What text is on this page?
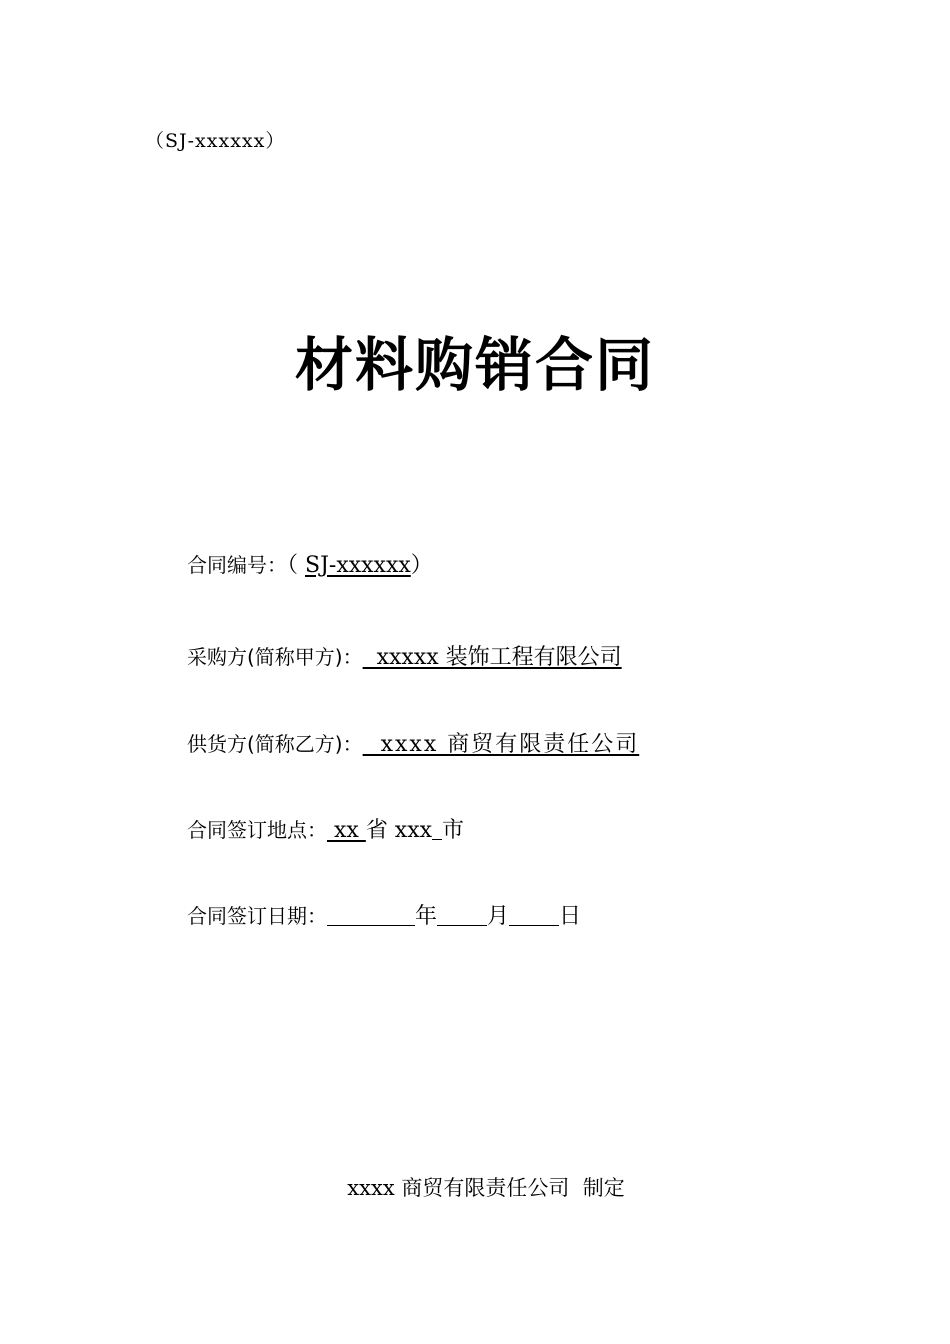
（SJ-xxxxxx）
材料购销合同
合同编号：（ SJ-xxxxxx）
采购方(简称甲方)：  xxxxx 装饰工程有限公司
供货方(简称乙方)：  xxxx 商贸有限责任公司
合同签订地点： xx 省 xxx 市
合同签订日期：	年 月 日
xxxx 商贸有限责任公司  制定
